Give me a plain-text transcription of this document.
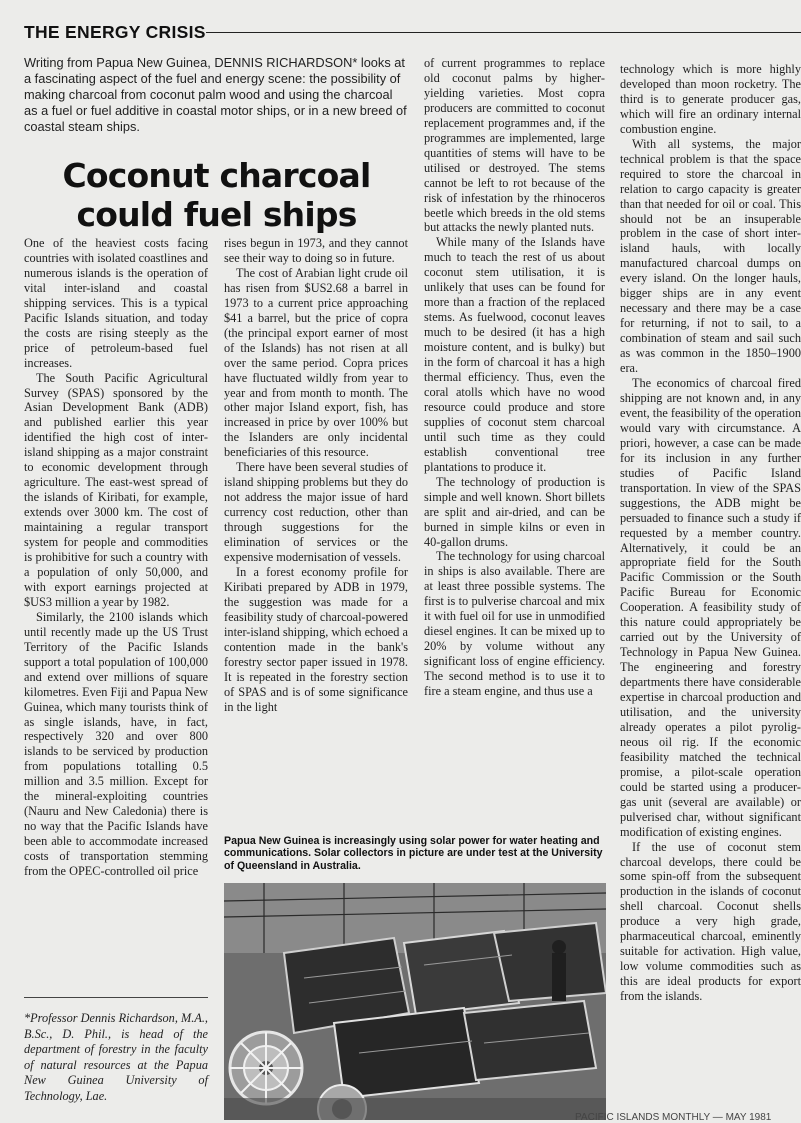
THE ENERGY CRISIS
Writing from Papua New Guinea, DENNIS RICHARDSON* looks at a fascinating aspect of the fuel and energy scene: the possibility of making charcoal from coconut palm wood and using the charcoal as a fuel or fuel additive in coastal motor ships, or in a new breed of coastal steam ships.
Coconut charcoal
could fuel ships

One of the heaviest costs facing countries with isolated coastlines and numerous islands is the operation of vital inter-island and coastal shipping services. This is a typical Pacific Islands situation, and today the costs are rising steeply as the price of petroleum-based fuel increases.

The South Pacific Agricultural Survey (SPAS) sponsored by the Asian Development Bank (ADB) and published earlier this year identified the high cost of inter-island shipping as a major constraint to economic development through agriculture. The east-west spread of the islands of Kiribati, for example, extends over 3000 km. The cost of maintaining a regular transport system for people and commodities is prohibitive for such a country with a population of only 50,000, and with export earnings projected at $US3 million a year by 1982.

Similarly, the 2100 islands which until recently made up the US Trust Territory of the Pacific Islands support a total population of 100,000 and extend over millions of square kilometres. Even Fiji and Papua New Guinea, which many tourists think of as single islands, have, in fact, respectively 320 and over 800 islands to be serviced by production from populations totalling 0.5 million and 3.5 million. Except for the mineral-exploiting countries (Nauru and New Caledonia) there is no way that the Pacific Islands have been able to accommodate increased costs of transportation stemming from the OPEC-controlled oil price

rises begun in 1973, and they cannot see their way to doing so in future.

The cost of Arabian light crude oil has risen from $US2.68 a barrel in 1973 to a current price approaching $41 a barrel, but the price of copra (the principal export earner of most of the Islands) has not risen at all over the same period. Copra prices have fluctuated wildly from year to year and from month to month. The other major Island export, fish, has increased in price by over 100% but the Islanders are only incidental beneficiaries of this resource.

There have been several studies of island shipping problems but they do not address the major issue of hard currency cost reduction, other than through suggestions for the elimination of services or the expensive modernisation of vessels.

In a forest economy profile for Kiribati prepared by ADB in 1979, the suggestion was made for a feasibility study of charcoal-powered inter-island shipping, which echoed a contention made in the bank's forestry sector paper issued in 1978. It is repeated in the forestry section of SPAS and is of some significance in the light

of current programmes to replace old coconut palms by higher-yielding varieties. Most copra producers are committed to coconut replacement programmes and, if the programmes are implemented, large quantities of stems will have to be utilised or destroyed. The stems cannot be left to rot because of the risk of infestation by the rhinoceros beetle which breeds in the old stems but attacks the newly planted nuts.

While many of the Islands have much to teach the rest of us about coconut stem utilisation, it is unlikely that uses can be found for more than a fraction of the replaced stems. As fuelwood, coconut leaves much to be desired (it has a high moisture content, and is bulky) but in the form of charcoal it has a high thermal efficiency. Thus, even the coral atolls which have no wood resource could produce and store supplies of coconut stem charcoal until such time as they could establish conventional tree plantations to produce it.

The technology of production is simple and well known. Short billets are split and air-dried, and can be burned in simple kilns or even in 40-gallon drums.

The technology for using charcoal in ships is also available. There are at least three possible systems. The first is to pulverise charcoal and mix it with fuel oil for use in unmodified diesel engines. It can be mixed up to 20% by volume without any significant loss of engine efficiency. The second method is to use it to fire a steam engine, and thus use a

technology which is more highly developed than moon rocketry. The third is to generate producer gas, which will fire an ordinary internal combustion engine.

With all systems, the major technical problem is that the space required to store the charcoal in relation to cargo capacity is greater than that needed for oil or coal. This should not be an insuperable problem in the case of short inter-island hauls, with locally manufactured charcoal dumps on every island. On the longer hauls, bigger ships are in any event necessary and there may be a case for returning, if not to sail, to a combination of steam and sail such as was common in the 1850–1900 era.

The economics of charcoal fired shipping are not known and, in any event, the feasibility of the operation would vary with circumstance. A priori, however, a case can be made for its inclusion in any further studies of Pacific Island transportation. In view of the SPAS suggestions, the ADB might be persuaded to finance such a study if requested by a member country. Alternatively, it could be an appropriate field for the South Pacific Commission or the South Pacific Bureau for Economic Cooperation. A feasibility study of this nature could appropriately be carried out by the University of Technology in Papua New Guinea. The engineering and forestry departments there have considerable expertise in charcoal production and utilisation, and the university already operates a pilot pyrolig-neous oil rig. If the economic feasibility matched the technical promise, a pilot-scale operation could be started using a producer-gas unit (several are available) or pulverised char, without significant modification of existing engines.

If the use of coconut stem charcoal develops, there could be some spin-off from the subsequent production in the islands of coconut shell charcoal. Coconut shells produce a very high grade, pharmaceutical charcoal, eminently suitable for activation. High value, low volume commodities such as this are ideal products for export from the islands.

*Professor Dennis Richardson, M.A., B.Sc., D. Phil., is head of the department of forestry in the faculty of natural resources at the Papua New Guinea University of Technology, Lae.
Papua New Guinea is increasingly using solar power for water heating and communications. Solar collectors in picture are under test at the University of Queensland in Australia.
PACIFIC ISLANDS MONTHLY — MAY 1981
